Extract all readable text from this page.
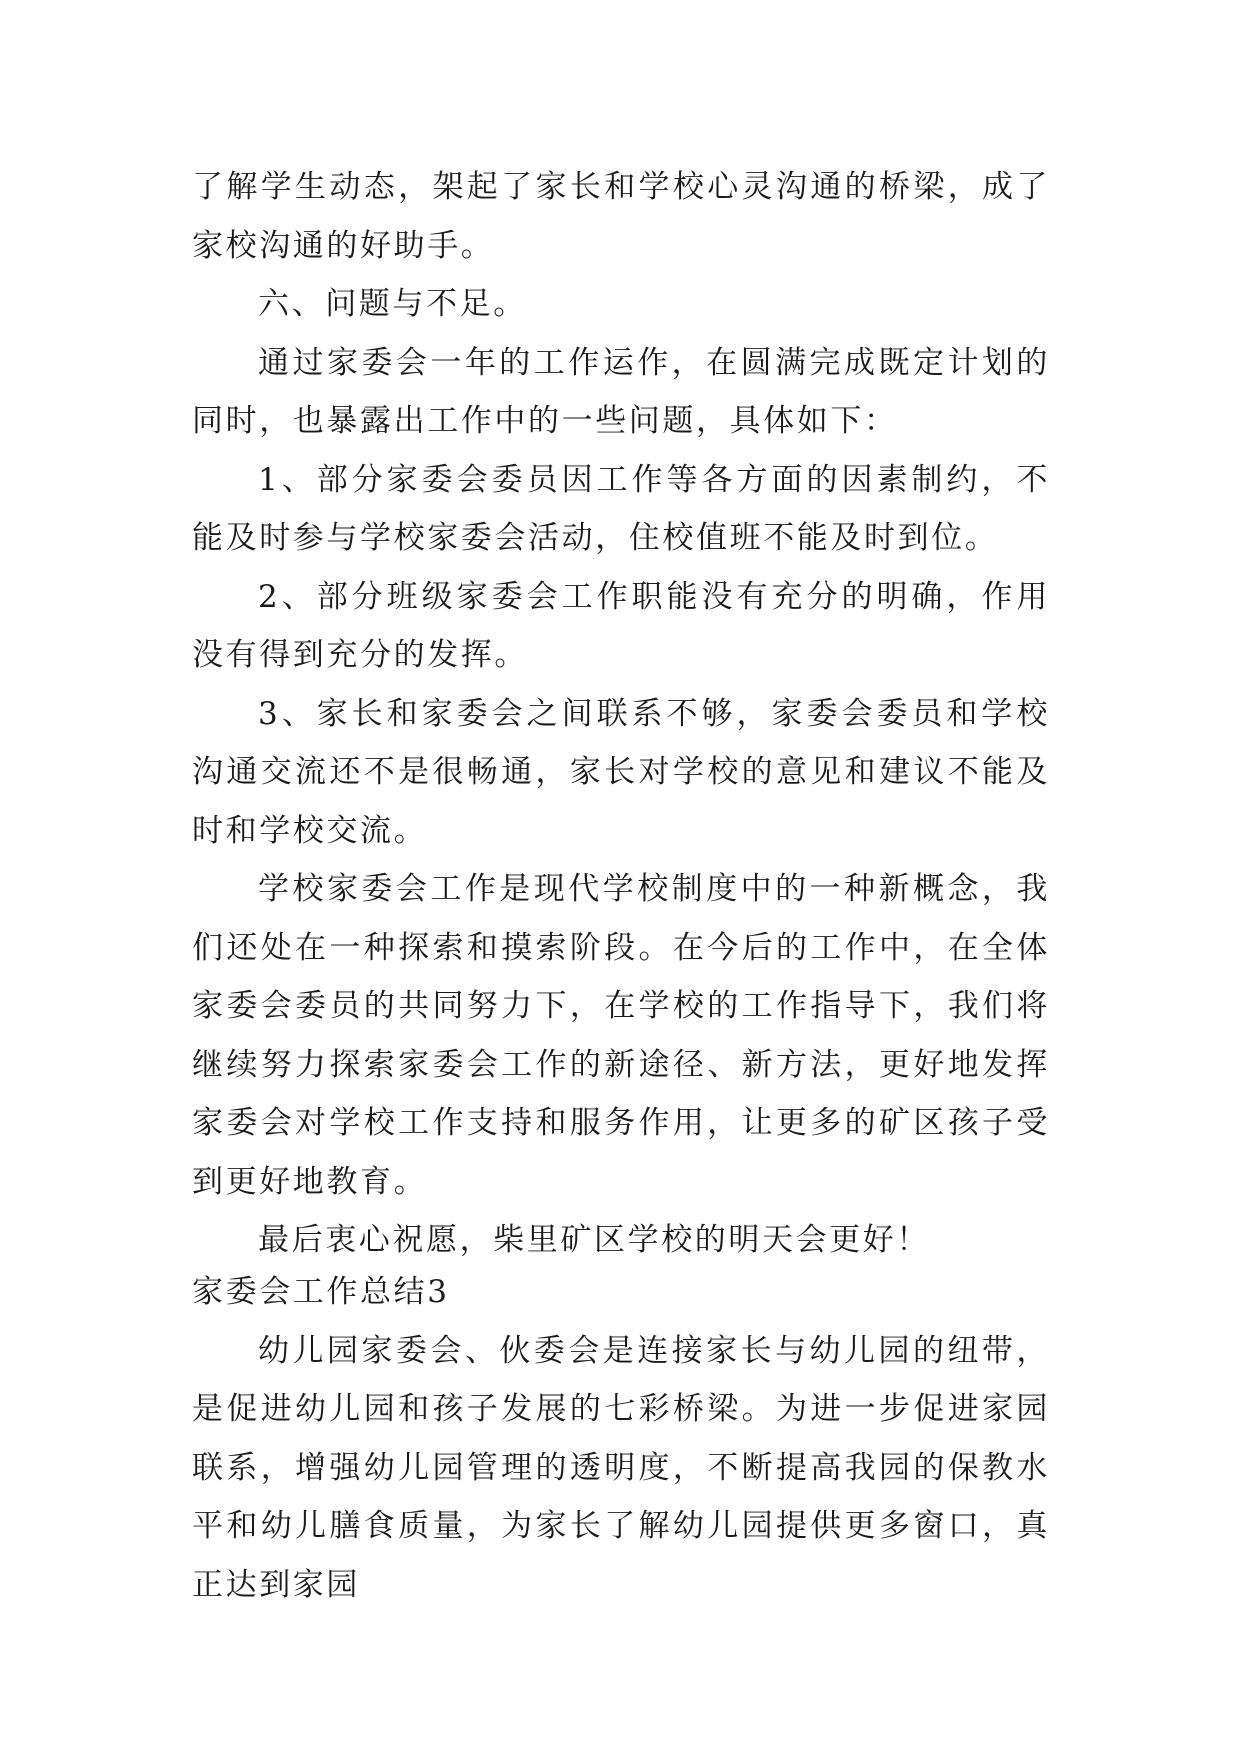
了解学生动态，架起了家长和学校心灵沟通的桥梁，成了家校沟通的好助手。

六、问题与不足。

通过家委会一年的工作运作，在圆满完成既定计划的同时，也暴露出工作中的一些问题，具体如下：

1、部分家委会委员因工作等各方面的因素制约，不能及时参与学校家委会活动，住校值班不能及时到位。

2、部分班级家委会工作职能没有充分的明确，作用没有得到充分的发挥。

3、家长和家委会之间联系不够，家委会委员和学校沟通交流还不是很畅通，家长对学校的意见和建议不能及时和学校交流。

学校家委会工作是现代学校制度中的一种新概念，我们还处在一种探索和摸索阶段。在今后的工作中，在全体家委会委员的共同努力下，在学校的工作指导下，我们将继续努力探索家委会工作的新途径、新方法，更好地发挥家委会对学校工作支持和服务作用，让更多的矿区孩子受到更好地教育。

最后衷心祝愿，柴里矿区学校的明天会更好！

家委会工作总结3

幼儿园家委会、伙委会是连接家长与幼儿园的纽带，是促进幼儿园和孩子发展的七彩桥梁。为进一步促进家园联系，增强幼儿园管理的透明度，不断提高我园的保教水平和幼儿膳食质量，为家长了解幼儿园提供更多窗口，真正达到家园
